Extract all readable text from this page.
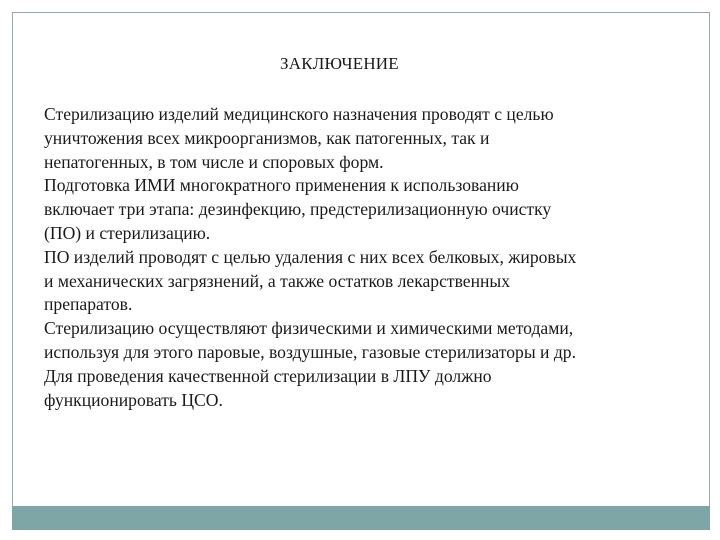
ЗАКЛЮЧЕНИЕ
Стерилизацию изделий медицинского назначения проводят с целью
уничтожения всех микроорганизмов, как патогенных, так и
непатогенных, в том числе и споровых форм.
Подготовка ИМИ многократного применения к использованию
включает три этапа: дезинфекцию, предстерилизационную очистку
(ПО) и стерилизацию.
ПО изделий проводят с целью удаления с них всех белковых, жировых
и механических загрязнений, а также остатков лекарственных
препаратов.
Стерилизацию осуществляют физическими и химическими методами,
используя для этого паровые, воздушные, газовые стерилизаторы и др.
Для проведения качественной стерилизации в ЛПУ должно
функционировать ЦСО.
